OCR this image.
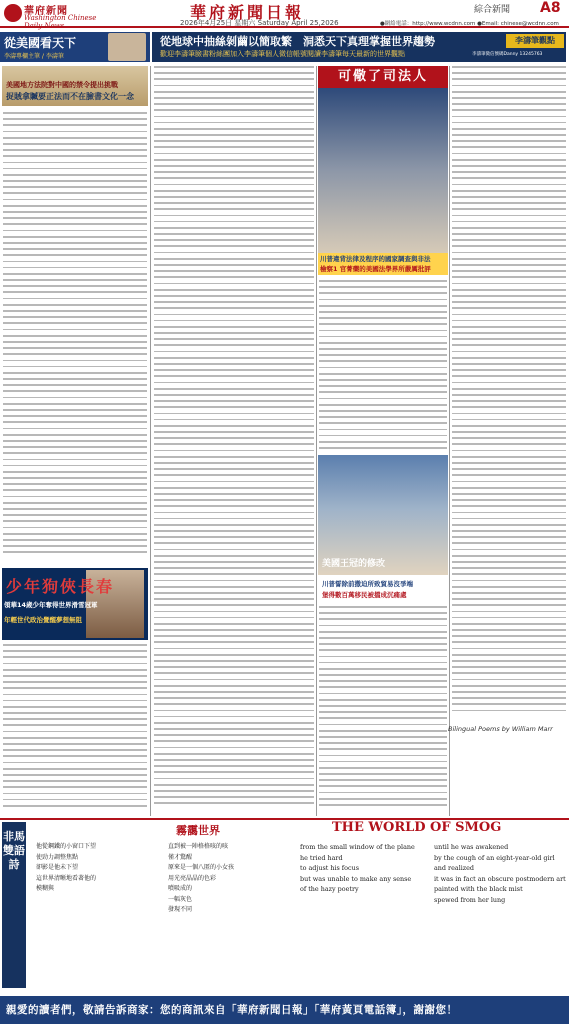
華府新聞
Washington Chinese Daily News
華府新聞日報
2026年4月25日 星期六 Saturday April 25,2026
綜合新聞 A8
●網絡電話：http://www.wcdnn.com ●Email: chinese@wcdnn.com
從美國看天下
李濤專欄主筆 / 李濤筆
從地球中抽絲剝繭以簡取繁　洞悉天下真理掌握世界趨勢
歡迎李濤筆臉書粉絲團加入李濤筆個人微信帳號閱讀李濤筆每天最新的世界觀點
李濤筆觀點
李濤筆微信號碼Danny 13245763
美國地方法院對中國的禁令提出挑戰
捉賊拿贓要正法而不在臉書文化一念
可儆了司法人
川普違背法律及程序的國家調查與非法
檢察1 官菁藥的美國法學界所嚴厲批評
美國王冠的修改
川普誓除前撒迫所致貿易沒爭端
堡得數百萬移民被擋成沉痛處
Bilingual Poems by William Marr
少年狗俠長春
領華14歲少年奪得世界滑雪冠軍
年輕世代政治覺醒夢想無阻
非馬雙語詩
霧靄世界	THE WORLD OF SMOG
他從鋼鐵的小窗口下望
使勁力調整焦點
卻影是他未下望
這世界清晰地看著他的
模糊與
直到被一陣格格咳的咳
僅才驚醒
原來是一個八匿的小女孩
用光亮晶晶的色彩
噴吸成的
一幅灰色
發現不同
from the small window of the plane
he tried hard
to adjust his focus
but was unable to make any sense
of the hazy poetry
until he was awakened
by the cough of an eight-year-old girl
and realized
it was in fact an obscure postmodern art
painted with the black mist
spewed from her lung
親愛的讀者們，敬請告訴商家：您的商訊來自「華府新聞日報」「華府黃頁電話簿」，謝謝您！
